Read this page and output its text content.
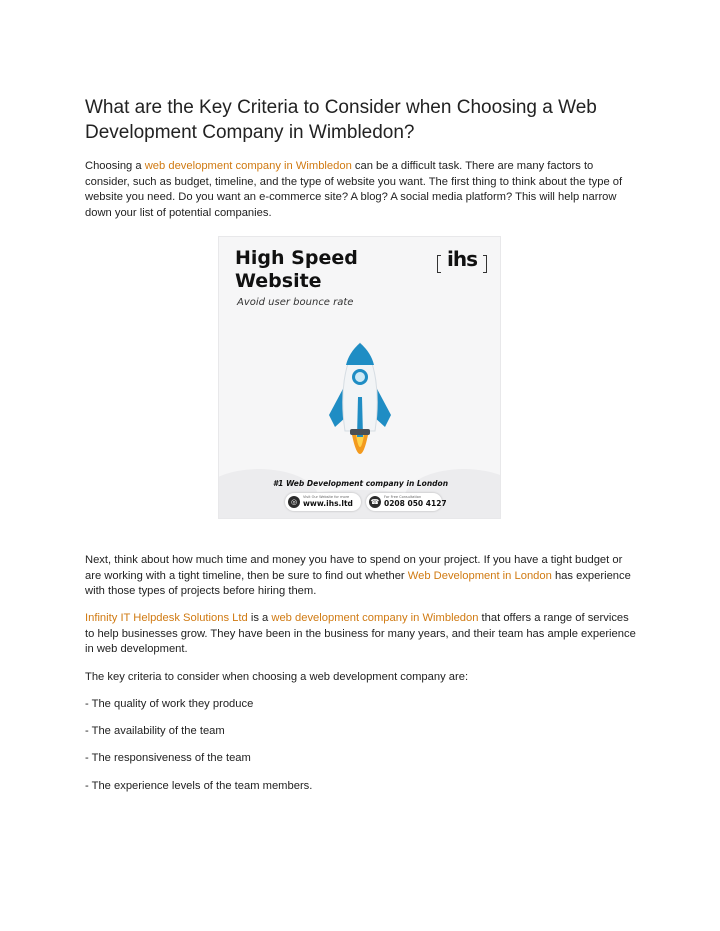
What are the Key Criteria to Consider when Choosing a Web Development Company in Wimbledon?

Choosing a web development company in Wimbledon can be a difficult task. There are many factors to consider, such as budget, timeline, and the type of website you want. The first thing to think about the type of website you need. Do you want an e-commerce site? A blog? A social media platform? This will help narrow down your list of potential companies.

Next, think about how much time and money you have to spend on your project. If you have a tight budget or are working with a tight timeline, then be sure to find out whether Web Development in London has experience with those types of projects before hiring them.

Infinity IT Helpdesk Solutions Ltd is a web development company in Wimbledon that offers a range of services to help businesses grow. They have been in the business for many years, and their team has ample experience in web development.

The key criteria to consider when choosing a web development company are:

- The quality of work they produce

- The availability of the team

- The responsiveness of the team

- The experience levels of the team members.

High Speed
Website

Avoid user bounce rate
ihs
#1 Web Development company in London
◎
Visit Our Website for more
www.ihs.ltd	☎
For Free Consultation
0208 050 4127
